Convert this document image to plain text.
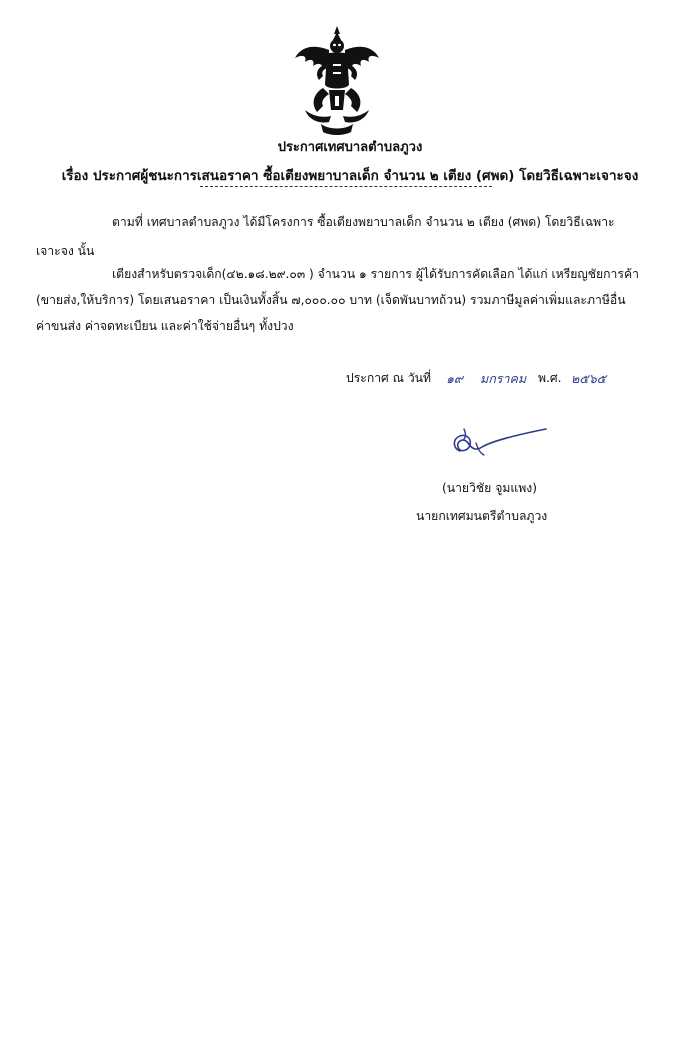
ประกาศเทศบาลตำบลภูวง
เรื่อง ประกาศผู้ชนะการเสนอราคา ซื้อเตียงพยาบาลเด็ก จำนวน ๒ เตียง (ศพด) โดยวิธีเฉพาะเจาะจง
ตามที่ เทศบาลตำบลภูวง ได้มีโครงการ ซื้อเตียงพยาบาลเด็ก จำนวน ๒ เตียง (ศพด) โดยวิธีเฉพาะ
เจาะจง นั้น
เตียงสำหรับตรวจเด็ก(๔๒.๑๘.๒๙.๐๓ ) จำนวน ๑ รายการ ผู้ได้รับการคัดเลือก ได้แก่ เหรียญชัยการค้า
(ขายส่ง,ให้บริการ) โดยเสนอราคา เป็นเงินทั้งสิ้น ๗,๐๐๐.๐๐ บาท (เจ็ดพันบาทถ้วน) รวมภาษีมูลค่าเพิ่มและภาษีอื่น
ค่าขนส่ง ค่าจดทะเบียน และค่าใช้จ่ายอื่นๆ ทั้งปวง
ประกาศ ณ วันที่ ๑๙ มกราคม พ.ศ. ๒๕๖๕
(นายวิชัย จูมแพง)
นายกเทศมนตรีตำบลภูวง
